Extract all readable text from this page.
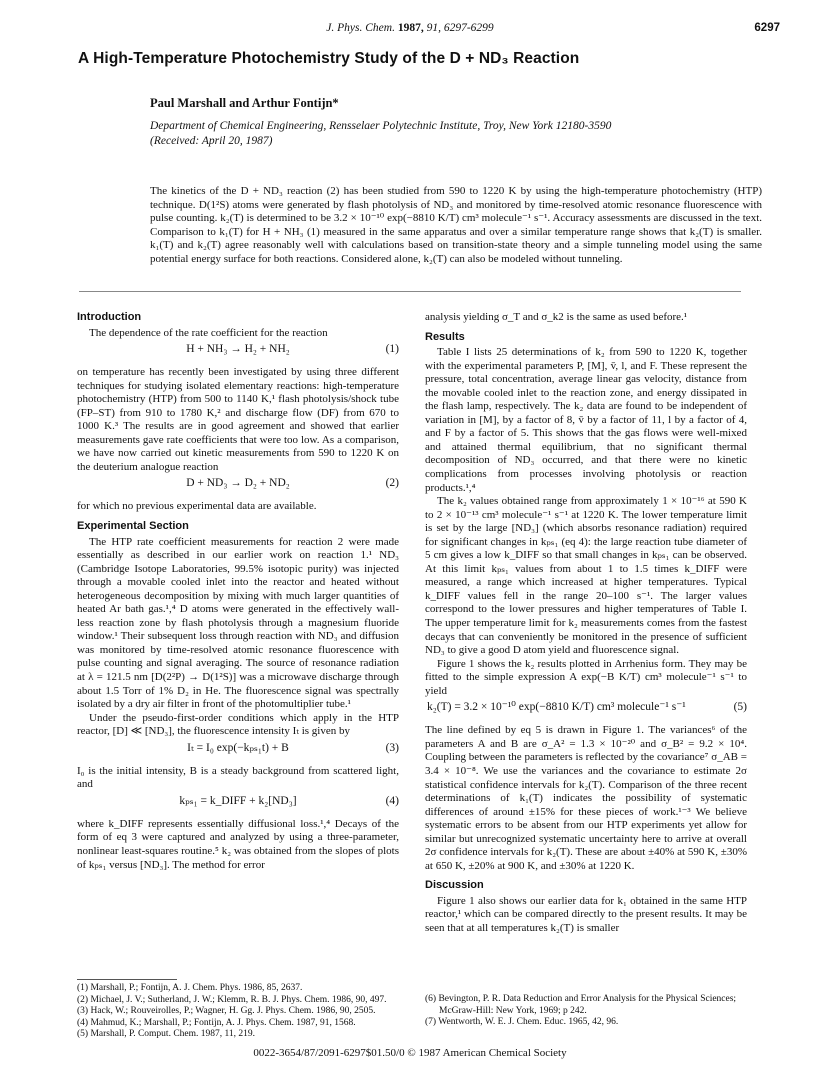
J. Phys. Chem. 1987, 91, 6297-6299	6297
A High-Temperature Photochemistry Study of the D + ND₃ Reaction
Paul Marshall and Arthur Fontijn*
Department of Chemical Engineering, Rensselaer Polytechnic Institute, Troy, New York 12180-3590
(Received: April 20, 1987)
The kinetics of the D + ND₃ reaction (2) has been studied from 590 to 1220 K by using the high-temperature photochemistry (HTP) technique. D(1²S) atoms were generated by flash photolysis of ND₃ and monitored by time-resolved atomic resonance fluorescence with pulse counting. k₂(T) is determined to be 3.2 × 10⁻¹⁰ exp(−8810 K/T) cm³ molecule⁻¹ s⁻¹. Accuracy assessments are discussed in the text. Comparison to k₁(T) for H + NH₃ (1) measured in the same apparatus and over a similar temperature range shows that k₂(T) is smaller. k₁(T) and k₂(T) agree reasonably well with calculations based on transition-state theory and a simple tunneling model using the same potential energy surface for both reactions. Considered alone, k₂(T) can also be modeled without tunneling.
Introduction

The dependence of the rate coefficient for the reaction

H + NH₃ → H₂ + NH₂	(1)

on temperature has recently been investigated by using three different techniques for studying isolated elementary reactions: high-temperature photochemistry (HTP) from 500 to 1140 K,¹ flash photolysis/shock tube (FP–ST) from 910 to 1780 K,² and discharge flow (DF) from 670 to 1000 K.³ The results are in good agreement and showed that earlier measurements gave rate coefficients that were too low. As a comparison, we have now carried out kinetic measurements from 590 to 1220 K on the deuterium analogue reaction

D + ND₃ → D₂ + ND₂	(2)

for which no previous experimental data are available.

Experimental Section

The HTP rate coefficient measurements for reaction 2 were made essentially as described in our earlier work on reaction 1.¹ ND₃ (Cambridge Isotope Laboratories, 99.5% isotopic purity) was injected through a movable cooled inlet into the reactor and heated without heterogeneous decomposition by mixing with much larger quantities of heated Ar bath gas.¹,⁴ D atoms were generated in the effectively wall-less reaction zone by flash photolysis through a magnesium fluoride window.¹ Their subsequent loss through reaction with ND₃ and diffusion was monitored by time-resolved atomic resonance fluorescence with pulse counting and signal averaging. The source of resonance radiation at λ = 121.5 nm [D(2²P) → D(1²S)] was a microwave discharge through about 1.5 Torr of 1% D₂ in He. The fluorescence signal was spectrally isolated by a dry air filter in front of the photomultiplier tube.¹

Under the pseudo-first-order conditions which apply in the HTP reactor, [D] ≪ [ND₃], the fluorescence intensity Iₜ is given by

Iₜ = I₀ exp(−kₚₛ₁t) + B	(3)

I₀ is the initial intensity, B is a steady background from scattered light, and

kₚₛ₁ = k_DIFF + k₂[ND₃]	(4)

where k_DIFF represents essentially diffusional loss.¹,⁴ Decays of the form of eq 3 were captured and analyzed by using a three-parameter, nonlinear least-squares routine.⁵ k₂ was obtained from the slopes of plots of kₚₛ₁ versus [ND₃]. The method for error

analysis yielding σ_T and σ_k2 is the same as used before.¹

Results

Table I lists 25 determinations of k₂ from 590 to 1220 K, together with the experimental parameters P, [M], v̄, l, and F. These represent the pressure, total concentration, average linear gas velocity, distance from the movable cooled inlet to the reaction zone, and energy dissipated in the flash lamp, respectively. The k₂ data are found to be independent of variation in [M], by a factor of 8, v̄ by a factor of 11, l by a factor of 4, and F by a factor of 5. This shows that the gas flows were well-mixed and attained thermal equilibrium, that no significant thermal decomposition of ND₃ occurred, and that there were no kinetic complications from processes involving photolysis or reaction products.¹,⁴

The k₂ values obtained range from approximately 1 × 10⁻¹⁶ at 590 K to 2 × 10⁻¹³ cm³ molecule⁻¹ s⁻¹ at 1220 K. The lower temperature limit is set by the large [ND₃] (which absorbs resonance radiation) required for significant changes in kₚₛ₁ (eq 4): the large reaction tube diameter of 5 cm gives a low k_DIFF so that small changes in kₚₛ₁ can be observed. At this limit kₚₛ₁ values from about 1 to 1.5 times k_DIFF were measured, a range which increased at higher temperatures. Typical k_DIFF values fell in the range 20–100 s⁻¹. The larger values correspond to the lower pressures and higher temperatures of Table I. The upper temperature limit for k₂ measurements comes from the fastest decays that can conveniently be monitored in the presence of sufficient ND₃ to give a good D atom yield and fluorescence signal.

Figure 1 shows the k₂ results plotted in Arrhenius form. They may be fitted to the simple expression A exp(−B K/T) cm³ molecule⁻¹ s⁻¹ to yield

k₂(T) = 3.2 × 10⁻¹⁰ exp(−8810 K/T) cm³ molecule⁻¹ s⁻¹	(5)

The line defined by eq 5 is drawn in Figure 1. The variances⁶ of the parameters A and B are σ_A² = 1.3 × 10⁻²⁰ and σ_B² = 9.2 × 10⁴. Coupling between the parameters is reflected by the covariance⁷ σ_AB = 3.4 × 10⁻⁸. We use the variances and the covariance to estimate 2σ statistical confidence intervals for k₂(T). Comparison of the three recent determinations of k₁(T) indicates the possibility of systematic differences of around ±15% for these pieces of work.¹⁻³ We believe systematic errors to be absent from our HTP experiments yet allow for similar but unrecognized systematic uncertainty here to arrive at overall 2σ confidence intervals for k₂(T). These are about ±40% at 590 K, ±30% at 650 K, ±20% at 900 K, and ±30% at 1220 K.

Discussion

Figure 1 also shows our earlier data for k₁ obtained in the same HTP reactor,¹ which can be compared directly to the present results. It may be seen that at all temperatures k₂(T) is smaller

(1) Marshall, P.; Fontijn, A. J. Chem. Phys. 1986, 85, 2637.

(2) Michael, J. V.; Sutherland, J. W.; Klemm, R. B. J. Phys. Chem. 1986, 90, 497.

(3) Hack, W.; Rouveirolles, P.; Wagner, H. Gg. J. Phys. Chem. 1986, 90, 2505.

(4) Mahmud, K.; Marshall, P.; Fontijn, A. J. Phys. Chem. 1987, 91, 1568.

(5) Marshall, P. Comput. Chem. 1987, 11, 219.

(6) Bevington, P. R. Data Reduction and Error Analysis for the Physical Sciences; McGraw-Hill: New York, 1969; p 242.

(7) Wentworth, W. E. J. Chem. Educ. 1965, 42, 96.

0022-3654/87/2091-6297$01.50/0 © 1987 American Chemical Society
